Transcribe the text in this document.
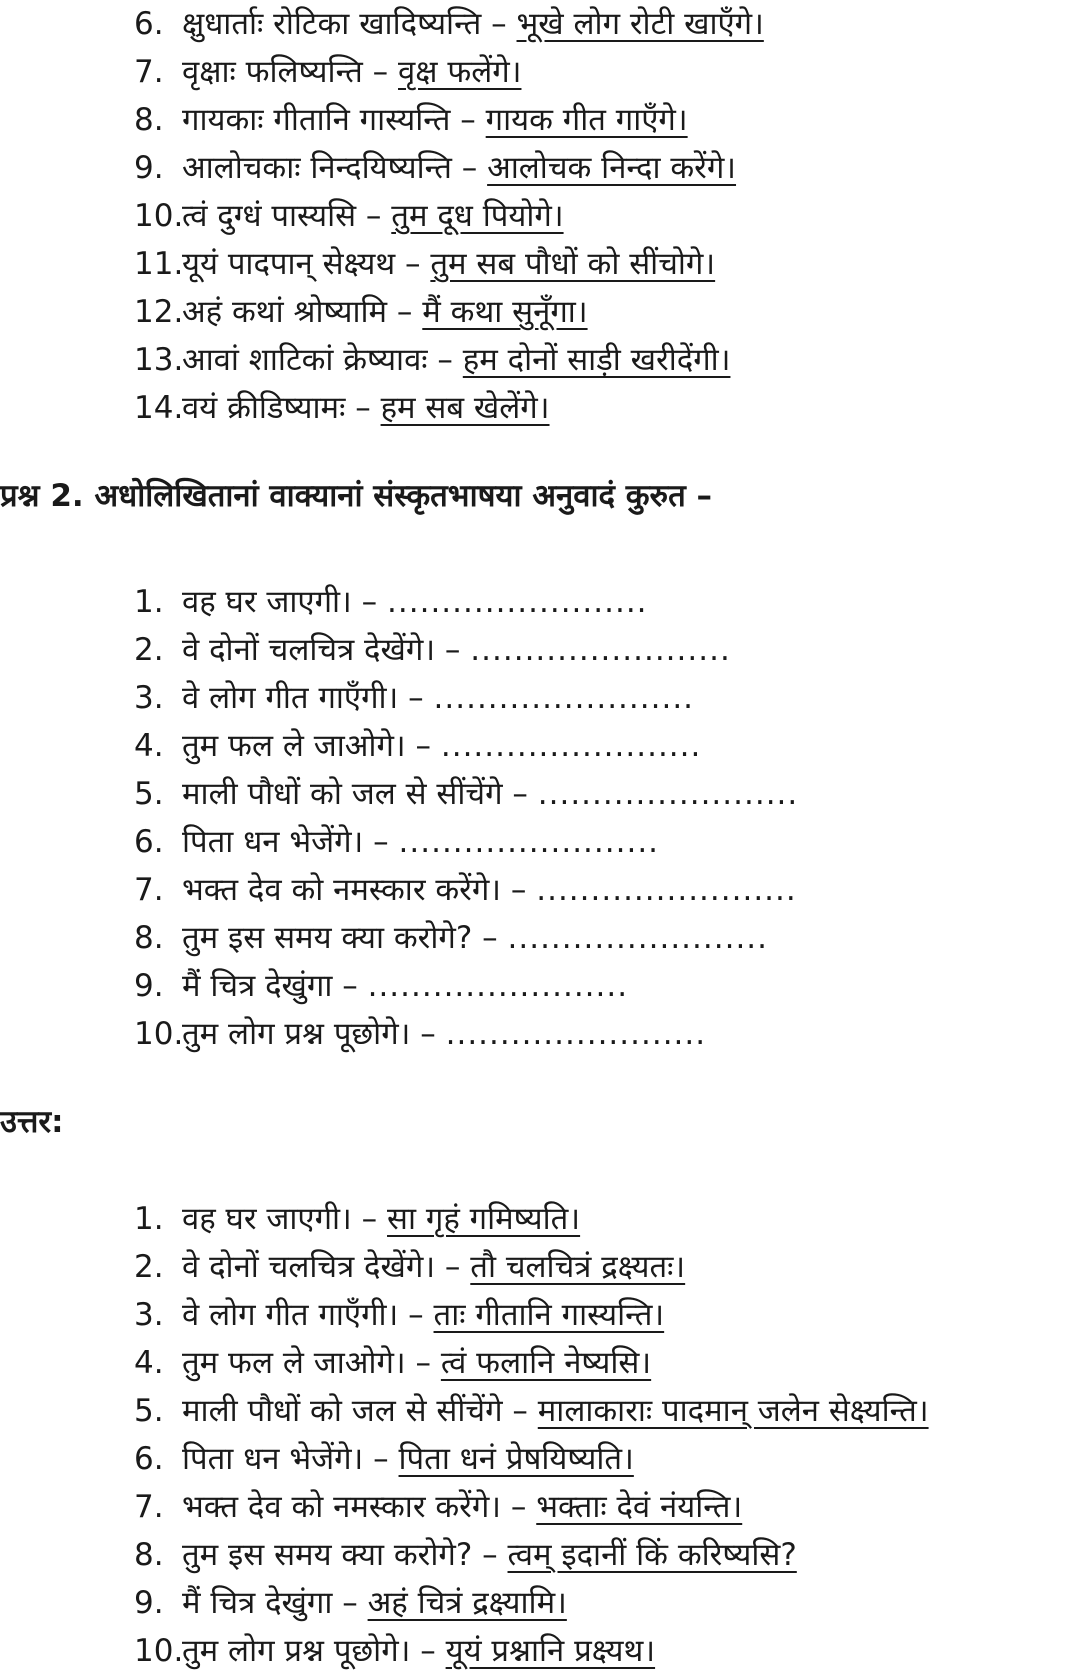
6. क्षुधार्ताः रोटिका खादिष्यन्ति – भूखे लोग रोटी खाएँगे।
7. वृक्षाः फलिष्यन्ति – वृक्ष फलेंगे।
8. गायकाः गीतानि गास्यन्ति – गायक गीत गाएँगे।
9. आलोचकाः निन्दयिष्यन्ति – आलोचक निन्दा करेंगे।
10.
त्वं दुग्धं पास्यसि – तुम दूध पियोगे।
11.
यूयं पादपान् सेक्ष्यथ – तुम सब पौधों को सींचोगे।
12.
अहं कथां श्रोष्यामि – मैं कथा सुनूँगा।
13.
आवां शाटिकां क्रेष्यावः – हम दोनों साड़ी खरीदेंगी।
14.
वयं क्रीडिष्यामः – हम सब खेलेंगे।
प्रश्न 2. अधोलिखितानां वाक्यानां संस्कृतभाषया अनुवादं कुरुत –
1. वह घर जाएगी। – ........................
2. वे दोनों चलचित्र देखेंगे। – ........................
3. वे लोग गीत गाएँगी। – ........................
4. तुम फल ले जाओगे। – ........................
5. माली पौधों को जल से सींचेंगे – ........................
6. पिता धन भेजेंगे। – ........................
7. भक्त देव को नमस्कार करेंगे। – ........................
8. तुम इस समय क्या करोगे? – ........................
9. मैं चित्र देखुंगा – ........................
10.
तुम लोग प्रश्न पूछोगे। – ........................
उत्तर:
1. वह घर जाएगी। – सा गृहं गमिष्यति।
2. वे दोनों चलचित्र देखेंगे। – तौ चलचित्रं द्रक्ष्यतः।
3. वे लोग गीत गाएँगी। – ताः गीतानि गास्यन्ति।
4. तुम फल ले जाओगे। – त्वं फलानि नेष्यसि।
5. माली पौधों को जल से सींचेंगे – मालाकाराः पादमान् जलेन सेक्ष्यन्ति।
6. पिता धन भेजेंगे। – पिता धनं प्रेषयिष्यति।
7. भक्त देव को नमस्कार करेंगे। – भक्ताः देवं नंयन्ति।
8. तुम इस समय क्या करोगे? – त्वम् इदानीं किं करिष्यसि?
9. मैं चित्र देखुंगा – अहं चित्रं द्रक्ष्यामि।
10.
तुम लोग प्रश्न पूछोगे। – यूयं प्रश्नानि प्रक्ष्यथ।
